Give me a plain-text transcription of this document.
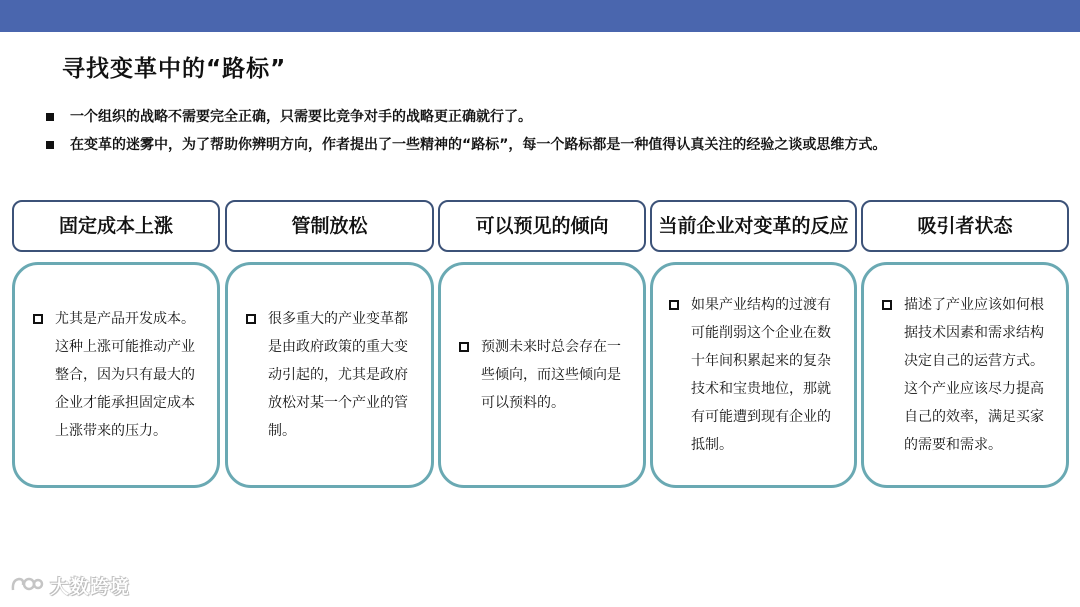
寻找变革中的“路标”
一个组织的战略不需要完全正确，只需要比竞争对手的战略更正确就行了。
在变革的迷雾中，为了帮助你辨明方向，作者提出了一些精神的“路标”，每一个路标都是一种值得认真关注的经验之谈或思维方式。
固定成本上涨	管制放松	可以预见的倾向	当前企业对变革的反应	吸引者状态
尤其是产品开发成本。这种上涨可能推动产业整合，因为只有最大的企业才能承担固定成本上涨带来的压力。
很多重大的产业变革都是由政府政策的重大变动引起的，尤其是政府放松对某一个产业的管制。
预测未来时总会存在一些倾向，而这些倾向是可以预料的。
如果产业结构的过渡有可能削弱这个企业在数十年间积累起来的复杂技术和宝贵地位，那就有可能遭到现有企业的抵制。
描述了产业应该如何根据技术因素和需求结构决定自己的运营方式。这个产业应该尽力提高自己的效率，满足买家的需要和需求。
大数跨境
